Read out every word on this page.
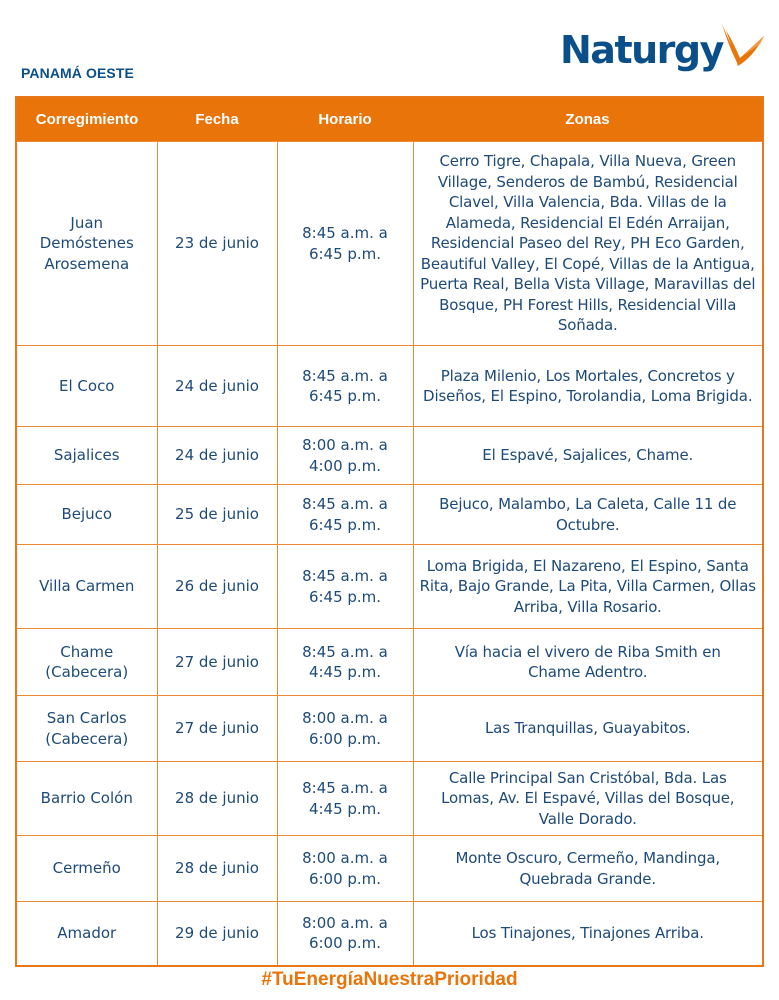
PANAMÁ OESTE
Naturgy
Corregimiento	Fecha	Horario	Zonas
Juan Demóstenes Arosemena	23 de junio	8:45 a.m. a 6:45 p.m.	Cerro Tigre, Chapala, Villa Nueva, Green Village, Senderos de Bambú, Residencial Clavel, Villa Valencia, Bda. Villas de la Alameda, Residencial El Edén Arraijan, Residencial Paseo del Rey, PH Eco Garden, Beautiful Valley, El Copé, Villas de la Antigua, Puerta Real, Bella Vista Village, Maravillas del Bosque, PH Forest Hills, Residencial Villa Soñada.
El Coco	24 de junio	8:45 a.m. a 6:45 p.m.	Plaza Milenio, Los Mortales, Concretos y Diseños, El Espino, Torolandia, Loma Brigida.
Sajalices	24 de junio	8:00 a.m. a 4:00 p.m.	El Espavé, Sajalices, Chame.
Bejuco	25 de junio	8:45 a.m. a 6:45 p.m.	Bejuco, Malambo, La Caleta, Calle 11 de Octubre.
Villa Carmen	26 de junio	8:45 a.m. a 6:45 p.m.	Loma Brigida, El Nazareno, El Espino, Santa Rita, Bajo Grande, La Pita, Villa Carmen, Ollas Arriba, Villa Rosario.
Chame (Cabecera)	27 de junio	8:45 a.m. a 4:45 p.m.	Vía hacia el vivero de Riba Smith en Chame Adentro.
San Carlos (Cabecera)	27 de junio	8:00 a.m. a 6:00 p.m.	Las Tranquillas, Guayabitos.
Barrio Colón	28 de junio	8:45 a.m. a 4:45 p.m.	Calle Principal San Cristóbal, Bda. Las Lomas, Av. El Espavé, Villas del Bosque, Valle Dorado.
Cermeño	28 de junio	8:00 a.m. a 6:00 p.m.	Monte Oscuro, Cermeño, Mandinga, Quebrada Grande.
Amador	29 de junio	8:00 a.m. a 6:00 p.m.	Los Tinajones, Tinajones Arriba.
#TuEnergíaNuestraPrioridad
